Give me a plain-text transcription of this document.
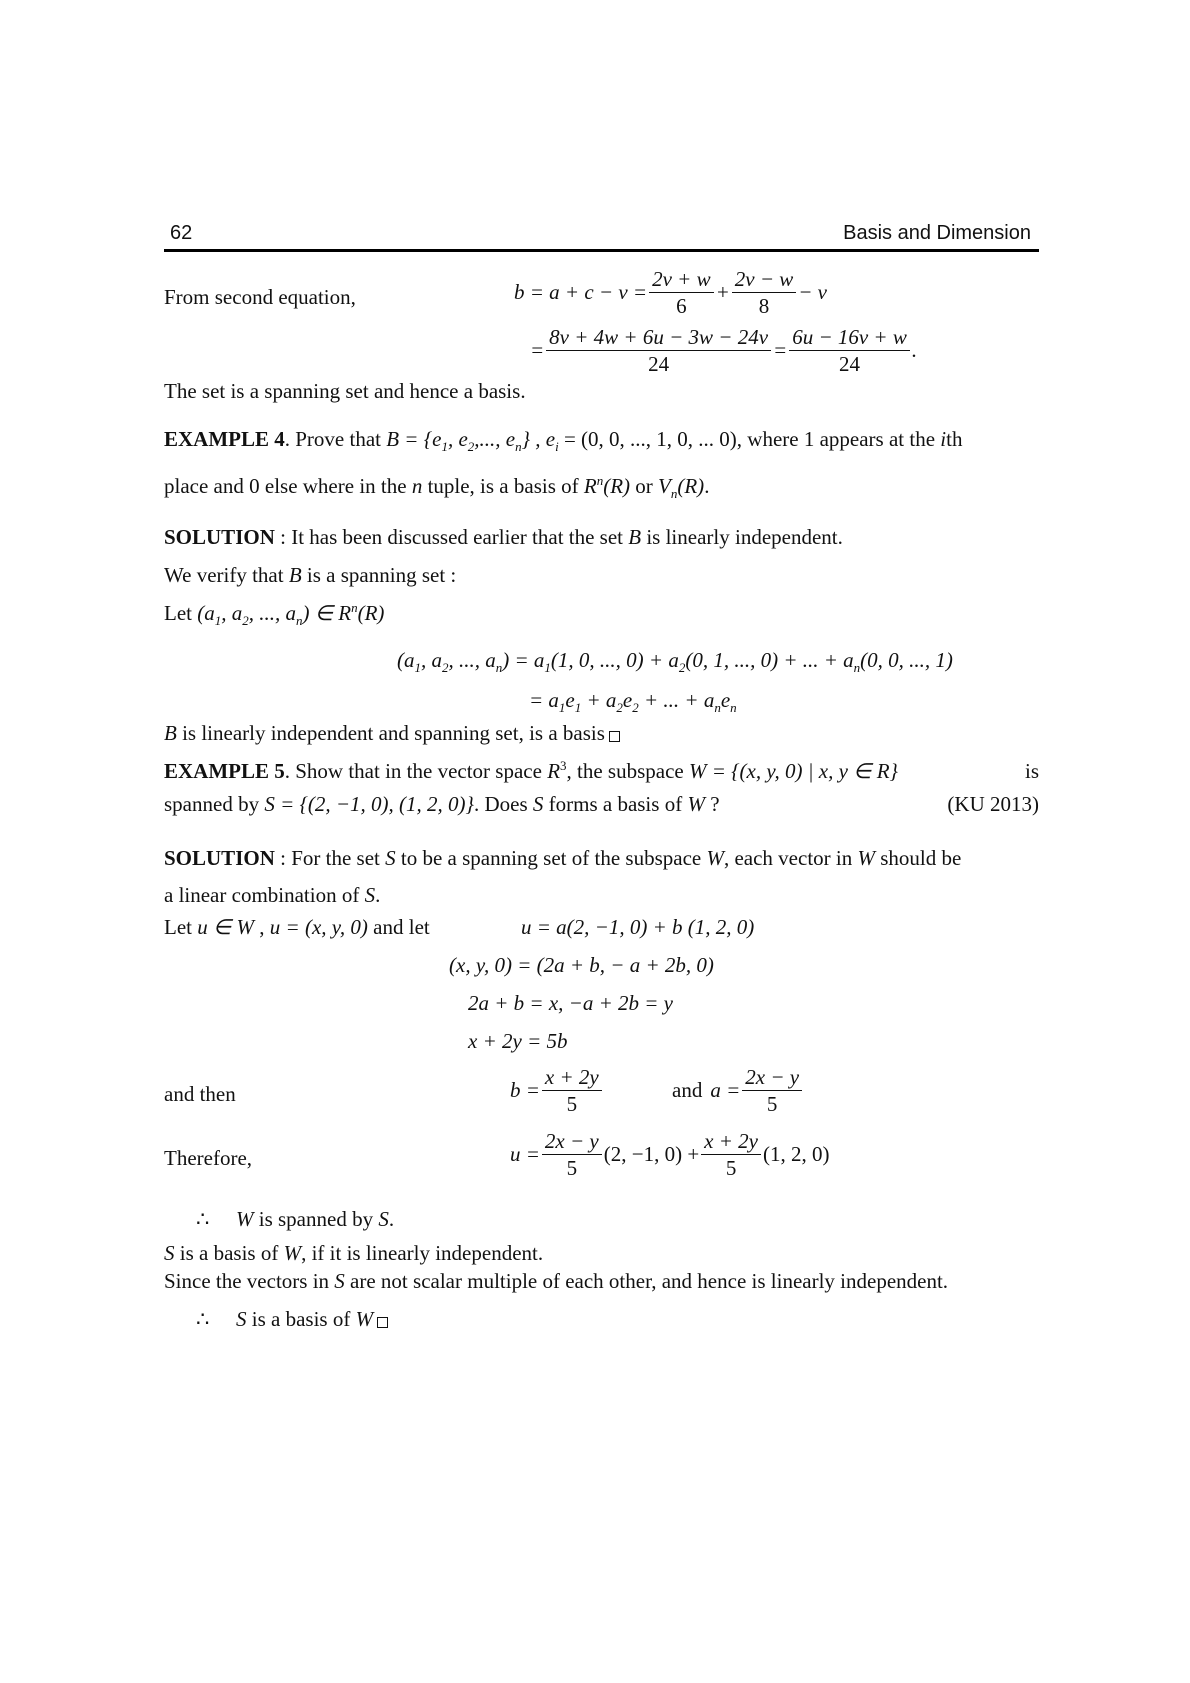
62	Basis and Dimension
From second equation,	$b = a + c - v = \frac{2v + w}{6} + \frac{2v - w}{8} - v$
= $\frac{8v + 4w + 6u - 3w - 24v}{24} = \frac{6u - 16v + w}{24}$ .
The set is a spanning set and hence a basis.
EXAMPLE 4. Prove that $B = \{e_1$, $e_2$,..., $e_n$} , $e_i = (0$, 0, ..., 1, 0, ... 0), where 1 appears at the ith
place and 0 else where in the n tuple, is a basis of $R^n(R)$ or $V_n(R)$.
SOLUTION : It has been discussed earlier that the set B is linearly independent.
We verify that B is a spanning set :
Let ($a_1$, $a_2$, ..., $a_n$) ∈ $R^n(R)$
($a_1$, $a_2$, ..., $a_n) = a_1(1$, 0, ..., $0) + a_2(0$, 1, ..., 0) + ... + $a_n(0$, 0, ..., 1)
= $a_1e_1 + a_2e_2$ + ... + $a_ne_n$
B is linearly independent and spanning set, is a basis
EXAMPLE 5. Show that in the vector space $R^3$, the subspace W = {(x, y, 0) | x, y ∈ R}	is
spanned by S = {(2, −1, 0), (1, 2, 0)}. Does S forms a basis of W ?	(KU 2013)
SOLUTION : For the set S to be a spanning set of the subspace W, each vector in W should be
a linear combination of S.
Let u ∈ W , u = (x, y, 0) and let	u = a(2, −1, 0) + b (1, 2, 0)
(x, y, 0) = (2a + b, − a + 2b, 0)
2a + b = x, −a + 2b = y
x + 2y = 5b
and then	$b = \frac{x + 2y}{5}$	and $a = \frac{2x - y}{5}$
Therefore,	$u = \frac{2x - y}{5} (2$, −1, $0) + \frac{x + 2y}{5} (1$, 2, 0)
∴ W is spanned by S.
S is a basis of W, if it is linearly independent.
Since the vectors in S are not scalar multiple of each other, and hence is linearly independent.
∴ S is a basis of W
